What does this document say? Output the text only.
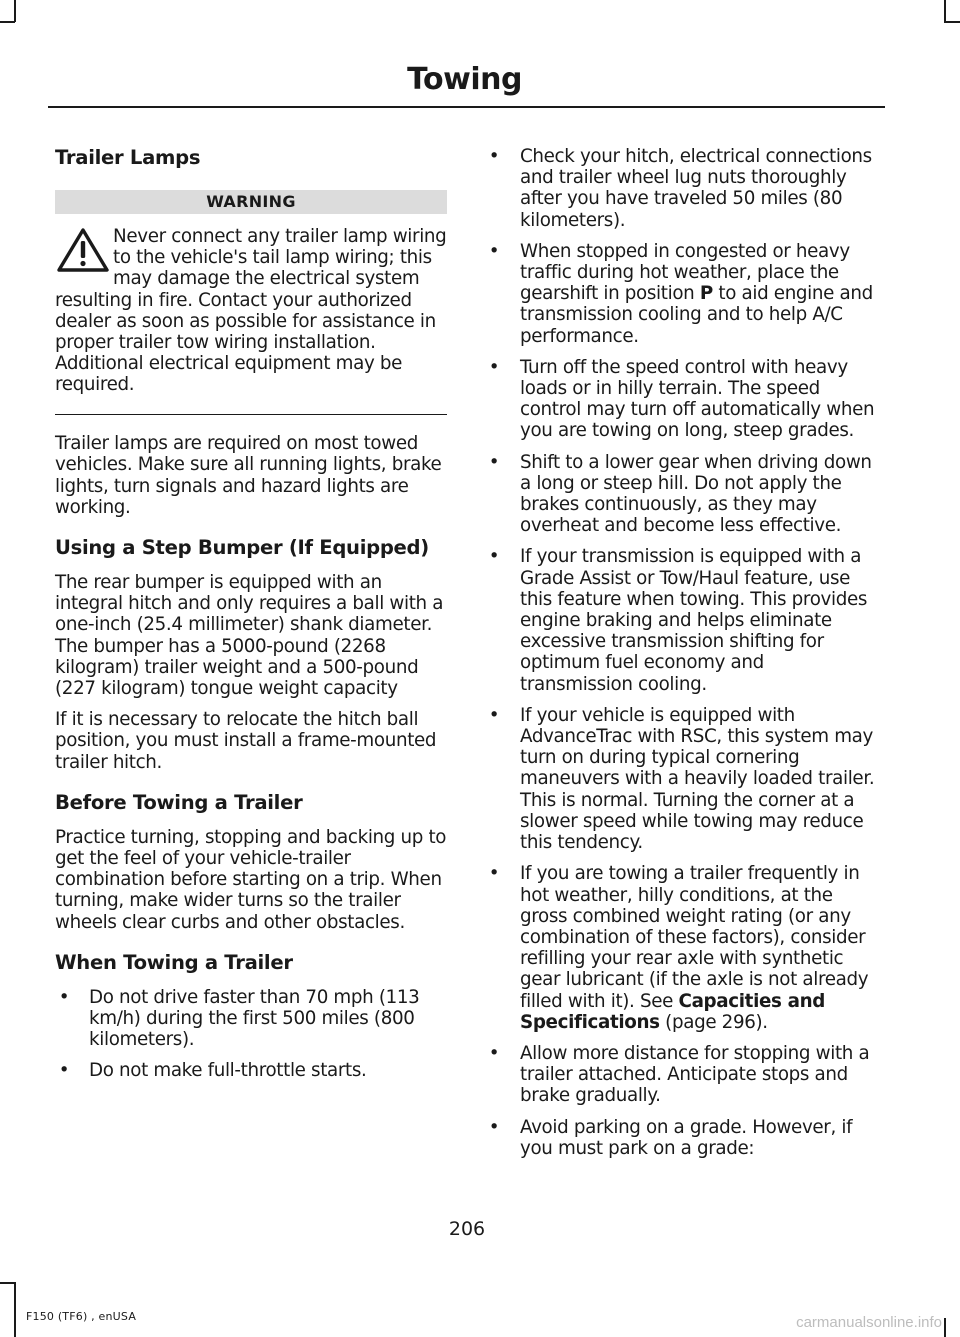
Towing
Trailer Lamps
WARNING

Never connect any trailer lamp wiring to the vehicle's tail lamp wiring; this may damage the electrical system resulting in fire. Contact your authorized dealer as soon as possible for assistance in proper trailer tow wiring installation. Additional electrical equipment may be required.

Trailer lamps are required on most towed vehicles. Make sure all running lights, brake lights, turn signals and hazard lights are working.

Using a Step Bumper (If Equipped)

The rear bumper is equipped with an integral hitch and only requires a ball with a one-inch (25.4 millimeter) shank diameter. The bumper has a 5000-pound (2268 kilogram) trailer weight and a 500-pound (227 kilogram) tongue weight capacity

If it is necessary to relocate the hitch ball position, you must install a frame-mounted trailer hitch.

Before Towing a Trailer

Practice turning, stopping and backing up to get the feel of your vehicle-trailer combination before starting on a trip. When turning, make wider turns so the trailer wheels clear curbs and other obstacles.

When Towing a Trailer
• Do not drive faster than 70 mph (113 km/h) during the first 500 miles (800 kilometers).
• Do not make full-throttle starts.
• Check your hitch, electrical connections and trailer wheel lug nuts thoroughly after you have traveled 50 miles (80 kilometers).
• When stopped in congested or heavy traffic during hot weather, place the gearshift in position P to aid engine and transmission cooling and to help A/C performance.
• Turn off the speed control with heavy loads or in hilly terrain. The speed control may turn off automatically when you are towing on long, steep grades.
• Shift to a lower gear when driving down a long or steep hill. Do not apply the brakes continuously, as they may overheat and become less effective.
• If your transmission is equipped with a Grade Assist or Tow/Haul feature, use this feature when towing. This provides engine braking and helps eliminate excessive transmission shifting for optimum fuel economy and transmission cooling.
• If your vehicle is equipped with AdvanceTrac with RSC, this system may turn on during typical cornering maneuvers with a heavily loaded trailer. This is normal. Turning the corner at a slower speed while towing may reduce this tendency.
• If you are towing a trailer frequently in hot weather, hilly conditions, at the gross combined weight rating (or any combination of these factors), consider refilling your rear axle with synthetic gear lubricant (if the axle is not already filled with it). See Capacities and Specifications (page 296).
• Allow more distance for stopping with a trailer attached. Anticipate stops and brake gradually.
• Avoid parking on a grade. However, if you must park on a grade:
206
F150 (TF6) , enUSA	carmanualsonline.info
